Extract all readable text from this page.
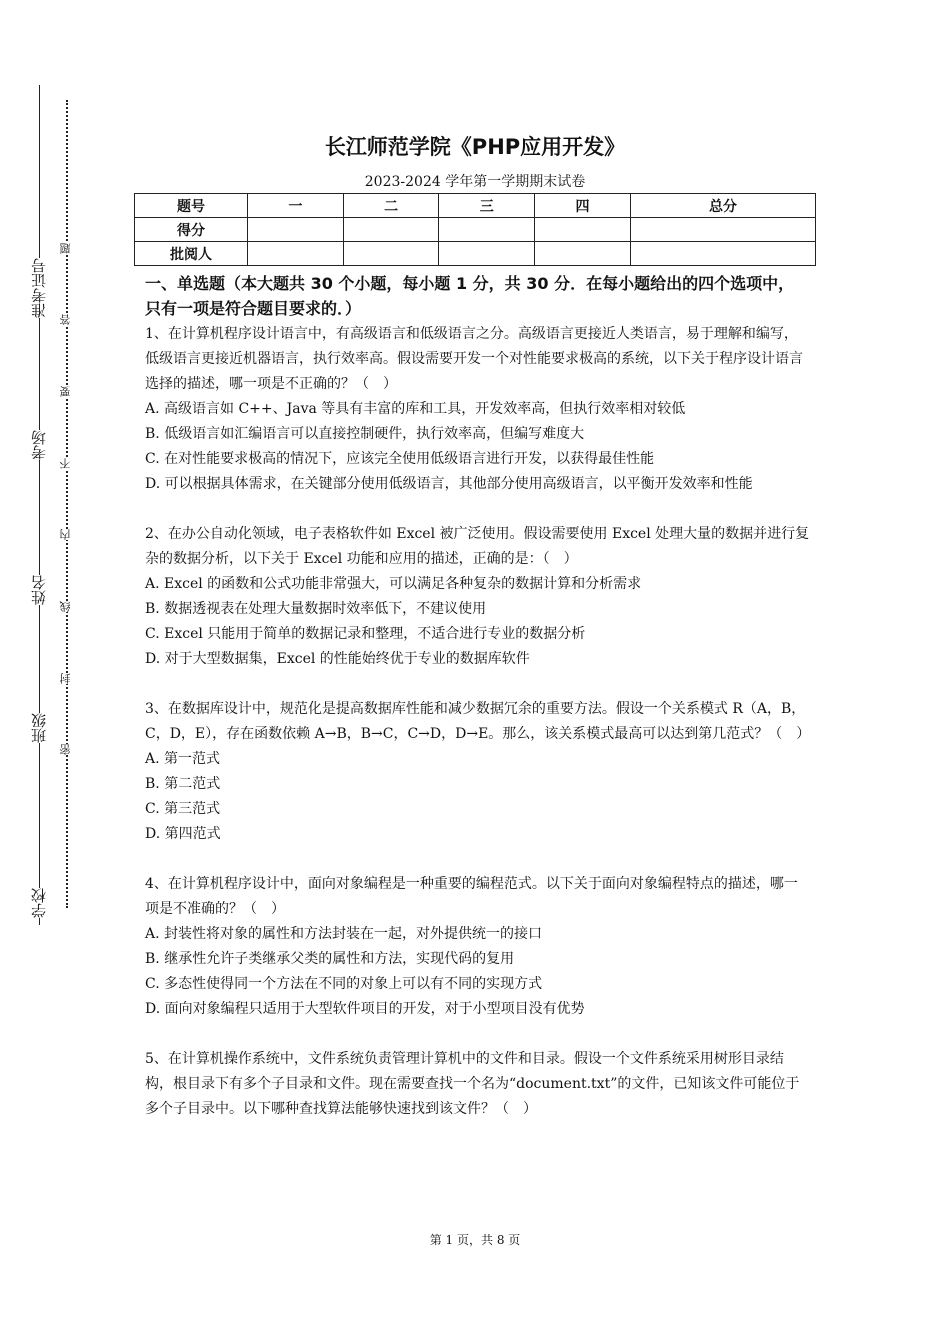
准考证号
考场
姓名
班级
学校
题
答
要
不
内
线
封
密
长江师范学院《PHP应用开发》
2023-2024 学年第一学期期末试卷
题号	一	二	三	四	总分
得分					
批阅人					
一、单选题（本大题共 30 个小题，每小题 1 分，共 30 分．在每小题给出的四个选项中，只有一项是符合题目要求的．）

1、在计算机程序设计语言中，有高级语言和低级语言之分。高级语言更接近人类语言，易于理解和编写，低级语言更接近机器语言，执行效率高。假设需要开发一个对性能要求极高的系统，以下关于程序设计语言选择的描述，哪一项是不正确的？（　）

A. 高级语言如 C++、Java 等具有丰富的库和工具，开发效率高，但执行效率相对较低

B. 低级语言如汇编语言可以直接控制硬件，执行效率高，但编写难度大

C. 在对性能要求极高的情况下，应该完全使用低级语言进行开发，以获得最佳性能

D. 可以根据具体需求，在关键部分使用低级语言，其他部分使用高级语言，以平衡开发效率和性能

2、在办公自动化领域，电子表格软件如 Excel 被广泛使用。假设需要使用 Excel 处理大量的数据并进行复杂的数据分析，以下关于 Excel 功能和应用的描述，正确的是：（　）

A. Excel 的函数和公式功能非常强大，可以满足各种复杂的数据计算和分析需求

B. 数据透视表在处理大量数据时效率低下，不建议使用

C. Excel 只能用于简单的数据记录和整理，不适合进行专业的数据分析

D. 对于大型数据集，Excel 的性能始终优于专业的数据库软件

3、在数据库设计中，规范化是提高数据库性能和减少数据冗余的重要方法。假设一个关系模式 R（A，B，C，D，E），存在函数依赖 A→B，B→C，C→D，D→E。那么，该关系模式最高可以达到第几范式？（　）

A. 第一范式

B. 第二范式

C. 第三范式

D. 第四范式

4、在计算机程序设计中，面向对象编程是一种重要的编程范式。以下关于面向对象编程特点的描述，哪一项是不准确的？（　）

A. 封装性将对象的属性和方法封装在一起，对外提供统一的接口

B. 继承性允许子类继承父类的属性和方法，实现代码的复用

C. 多态性使得同一个方法在不同的对象上可以有不同的实现方式

D. 面向对象编程只适用于大型软件项目的开发，对于小型项目没有优势

5、在计算机操作系统中，文件系统负责管理计算机中的文件和目录。假设一个文件系统采用树形目录结构，根目录下有多个子目录和文件。现在需要查找一个名为“document.txt”的文件，已知该文件可能位于多个子目录中。以下哪种查找算法能够快速找到该文件？（　）

第 1 页，共 8 页
